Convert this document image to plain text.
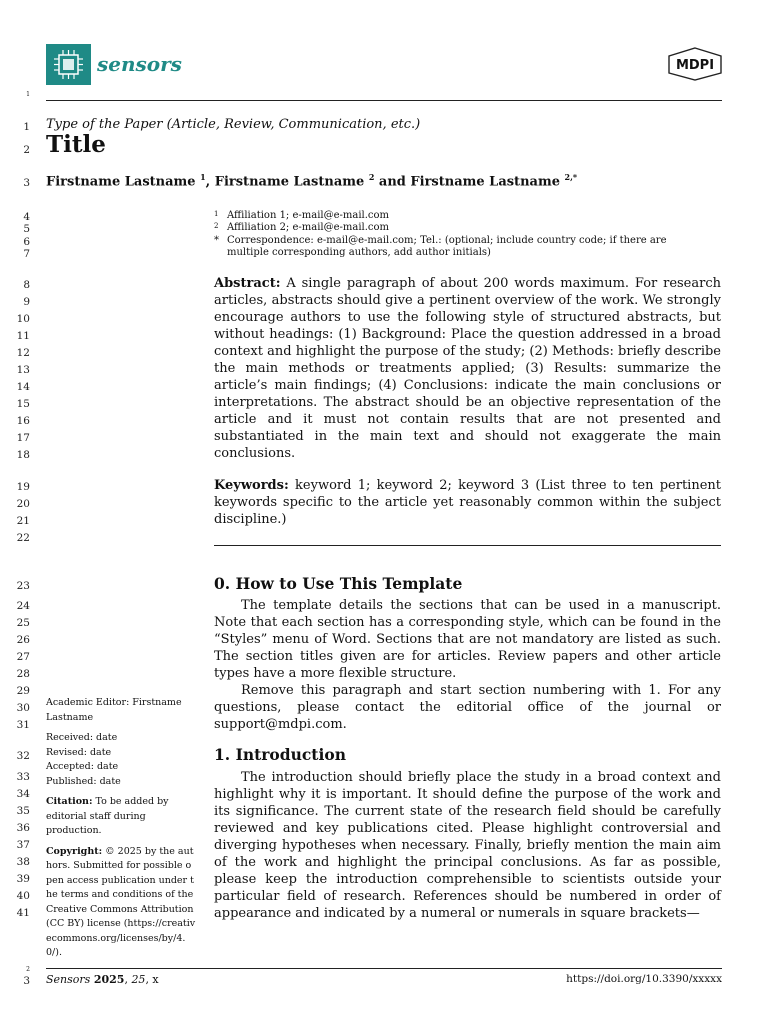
sensors	MDPI
1
1
2
3
4
5
6
7
8
9
10
11
12
13
14
15
16
17
18
19
20
21
22
23
24
25
26
27
28
29
30
31
32
33
34
35
36
37
38
39
40
41
Type of the Paper (Article, Review, Communication, etc.)
Title
Firstname Lastname $^1$, Firstname Lastname $^2$ and Firstname Lastname $^{2,*}$
1 Affiliation 1; e-mail@e-mail.com
2 Affiliation 2; e-mail@e-mail.com
* Correspondence: e-mail@e-mail.com; Tel.: (optional; include country code; if there are
multiple corresponding authors, add author initials)

Abstract: A single paragraph of about 200 words maximum. For research articles, abstracts should give a pertinent overview of the work. We strongly encourage authors to use the following style of structured abstracts, but without headings: (1) Background: Place the question addressed in a broad context and highlight the purpose of the study; (2) Methods: briefly describe the main methods or treatments applied; (3) Results: summarize the article’s main findings; (4) Conclusions: indicate the main conclusions or interpretations. The abstract should be an objective representation of the article and it must not contain results that are not presented and substantiated in the main text and should not exaggerate the main conclusions.

Keywords: keyword 1; keyword 2; keyword 3 (List three to ten pertinent keywords specific to the article yet reasonably common within the subject discipline.)

0. How to Use This Template

The template details the sections that can be used in a manuscript. Note that each section has a corresponding style, which can be found in the “Styles” menu of Word. Sections that are not mandatory are listed as such. The section titles given are for articles. Review papers and other article types have a more flexible structure.

Remove this paragraph and start section numbering with 1. For any questions, please contact the editorial office of the journal or support@mdpi.com.

1. Introduction

The introduction should briefly place the study in a broad context and highlight why it is important. It should define the purpose of the work and its significance. The current state of the research field should be carefully reviewed and key publications cited. Please highlight controversial and diverging hypotheses when necessary. Finally, briefly mention the main aim of the work and highlight the principal conclusions. As far as possible, please keep the introduction comprehensible to scientists outside your particular field of research. References should be numbered in order of appearance and indicated by a numeral or numerals in square brackets—

Academic Editor: Firstname Lastname

Received: date
Revised: date
Accepted: date

Published: date

Citation: To be added by editorial staff during production.

Copyright: © 2025 by the authors. Submitted for possible open access publication under the terms and conditions of the Creative Commons Attribution (CC BY) license (https://creativecommons.org/licenses/by/4.0/).

2
3 Sensors 2025, 25, x	https://doi.org/10.3390/xxxxx
